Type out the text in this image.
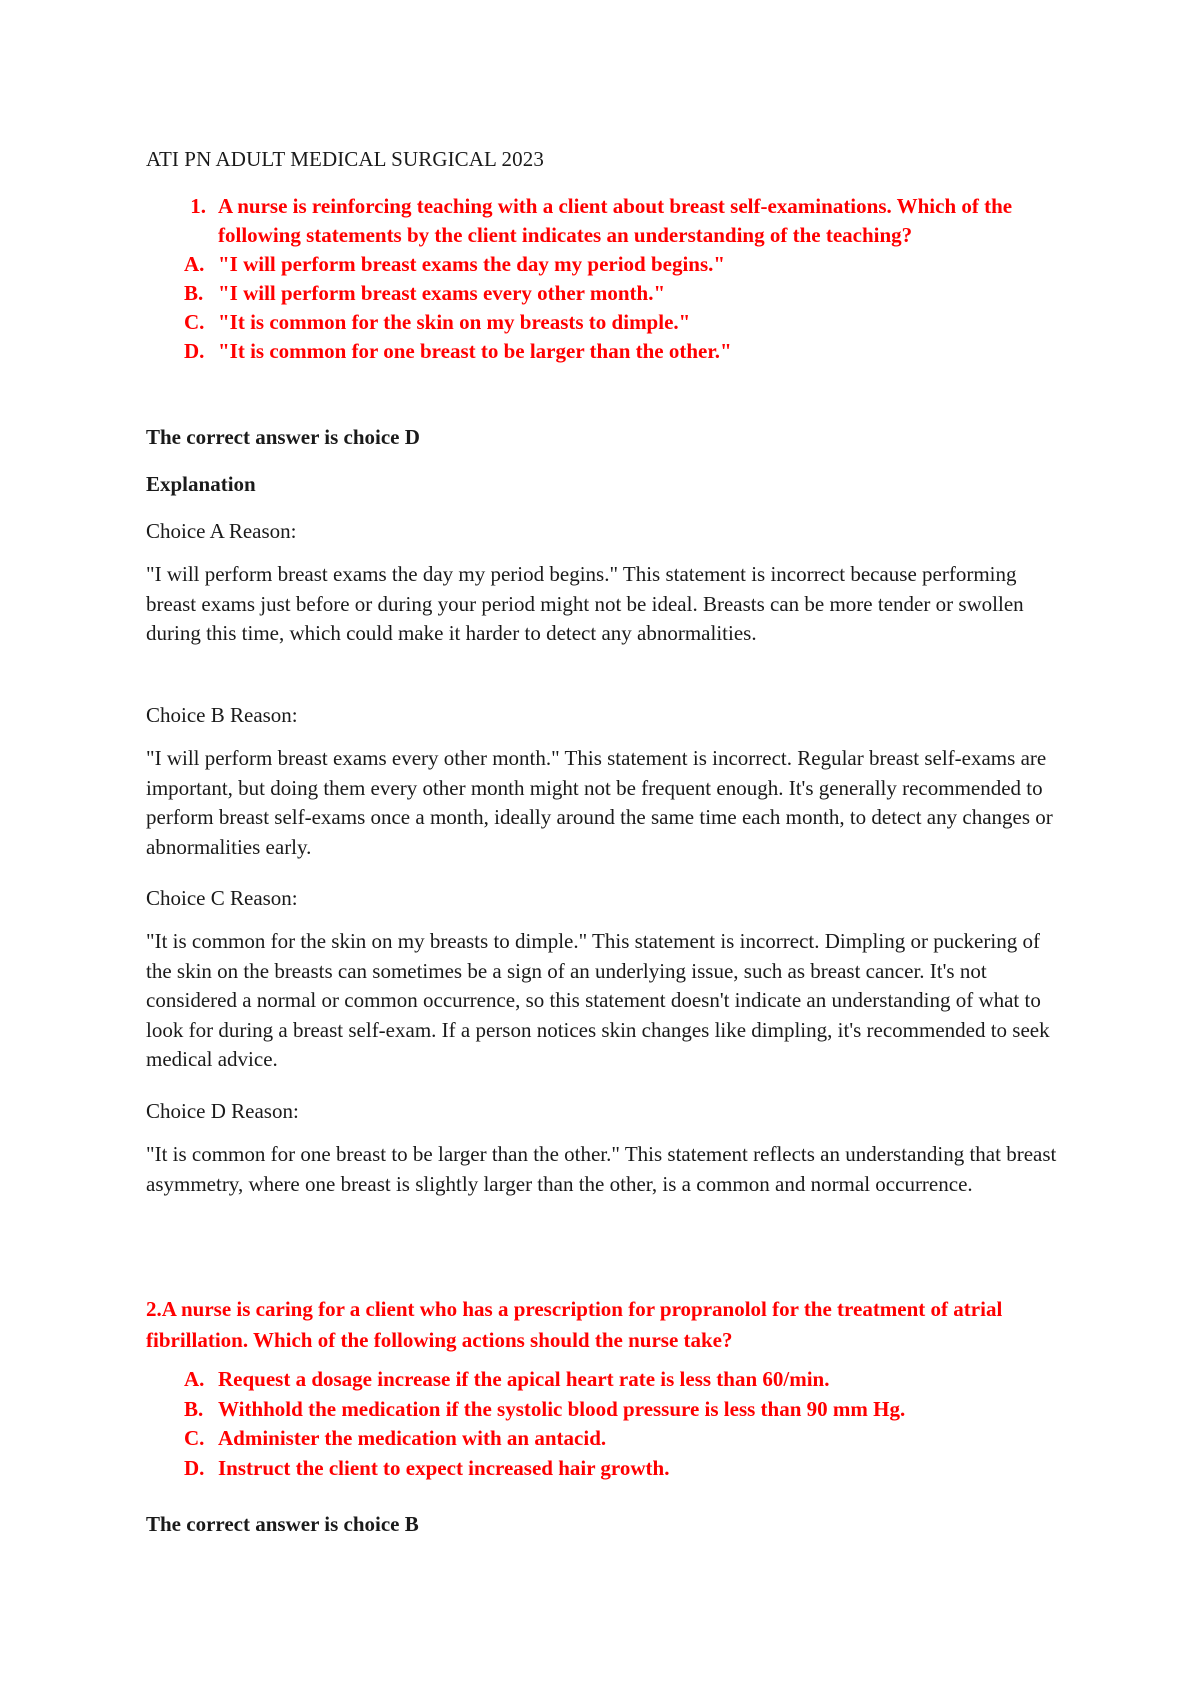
ATI PN ADULT MEDICAL SURGICAL 2023
1. A nurse is reinforcing teaching with a client about breast self-examinations. Which of the following statements by the client indicates an understanding of the teaching?
A. "I will perform breast exams the day my period begins."
B. "I will perform breast exams every other month."
C. "It is common for the skin on my breasts to dimple."
D. "It is common for one breast to be larger than the other."

The correct answer is choice D

Explanation

Choice A Reason:

"I will perform breast exams the day my period begins." This statement is incorrect because performing breast exams just before or during your period might not be ideal. Breasts can be more tender or swollen during this time, which could make it harder to detect any abnormalities.

Choice B Reason:

"I will perform breast exams every other month." This statement is incorrect. Regular breast self-exams are important, but doing them every other month might not be frequent enough. It's generally recommended to perform breast self-exams once a month, ideally around the same time each month, to detect any changes or abnormalities early.

Choice C Reason:

"It is common for the skin on my breasts to dimple." This statement is incorrect. Dimpling or puckering of the skin on the breasts can sometimes be a sign of an underlying issue, such as breast cancer. It's not considered a normal or common occurrence, so this statement doesn't indicate an understanding of what to look for during a breast self-exam. If a person notices skin changes like dimpling, it's recommended to seek medical advice.

Choice D Reason:

"It is common for one breast to be larger than the other." This statement reflects an understanding that breast asymmetry, where one breast is slightly larger than the other, is a common and normal occurrence.

2.A nurse is caring for a client who has a prescription for propranolol for the treatment of atrial fibrillation. Which of the following actions should the nurse take?

A. Request a dosage increase if the apical heart rate is less than 60/min.
B. Withhold the medication if the systolic blood pressure is less than 90 mm Hg.
C. Administer the medication with an antacid.
D. Instruct the client to expect increased hair growth.

The correct answer is choice B
